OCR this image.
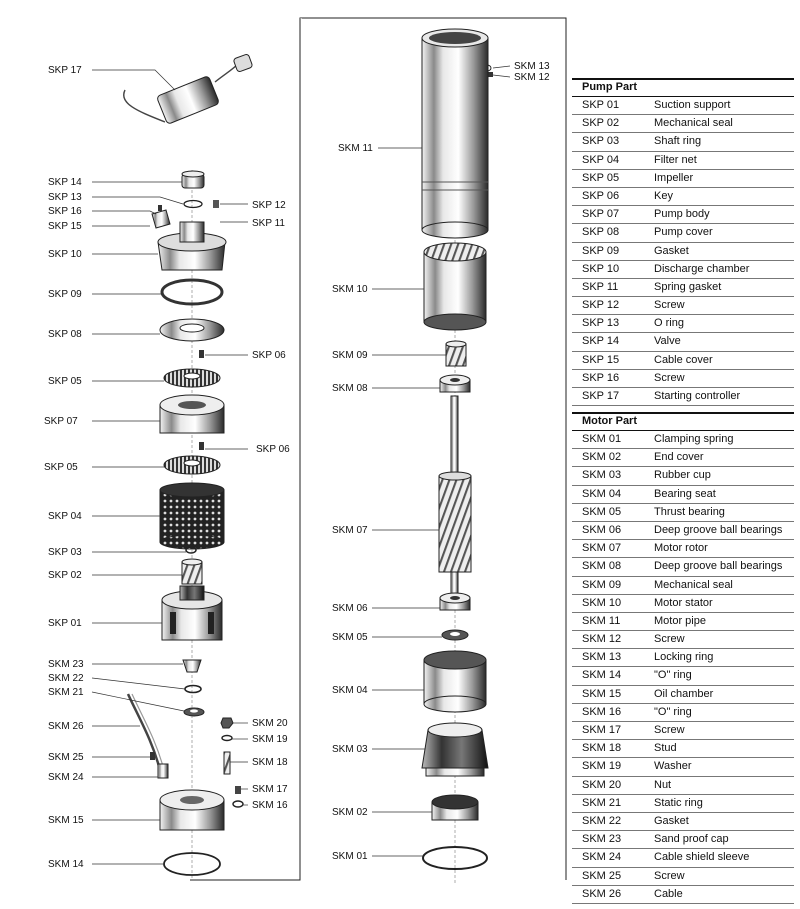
SKP 17
SKP 14
SKP 13
SKP 16
SKP 15
SKP 12
SKP 11
SKP 10
SKP 09
SKP 08
SKP 06
SKP 05
SKP 07
SKP 06
SKP 05
SKP 04
SKP 03
SKP 02
SKP 01
SKM 23
SKM 22
SKM 21
SKM 26
SKM 25
SKM 24
SKM 15
SKM 14
SKM 20
SKM 19
SKM 18
SKM 17
SKM 16
SKM 13
SKM 12
SKM 11
SKM 10
SKM 09
SKM 08
SKM 07
SKM 06
SKM 05
SKM 04
SKM 03
SKM 02
SKM 01
Pump Part
SKP 01	Suction support
SKP 02	Mechanical seal
SKP 03	Shaft ring
SKP 04	Filter net
SKP 05	Impeller
SKP 06	Key
SKP 07	Pump body
SKP 08	Pump cover
SKP 09	Gasket
SKP 10	Discharge chamber
SKP 11	Spring gasket
SKP 12	Screw
SKP 13	O ring
SKP 14	Valve
SKP 15	Cable cover
SKP 16	Screw
SKP 17	Starting controller
Motor Part
SKM 01	Clamping spring
SKM 02	End cover
SKM 03	Rubber cup
SKM 04	Bearing seat
SKM 05	Thrust bearing
SKM 06	Deep groove ball bearings
SKM 07	Motor rotor
SKM 08	Deep groove ball bearings
SKM 09	Mechanical seal
SKM 10	Motor stator
SKM 11	Motor pipe
SKM 12	Screw
SKM 13	Locking ring
SKM 14	"O" ring
SKM 15	Oil chamber
SKM 16	"O" ring
SKM 17	Screw
SKM 18	Stud
SKM 19	Washer
SKM 20	Nut
SKM 21	Static ring
SKM 22	Gasket
SKM 23	Sand proof cap
SKM 24	Cable shield sleeve
SKM 25	Screw
SKM 26	Cable
